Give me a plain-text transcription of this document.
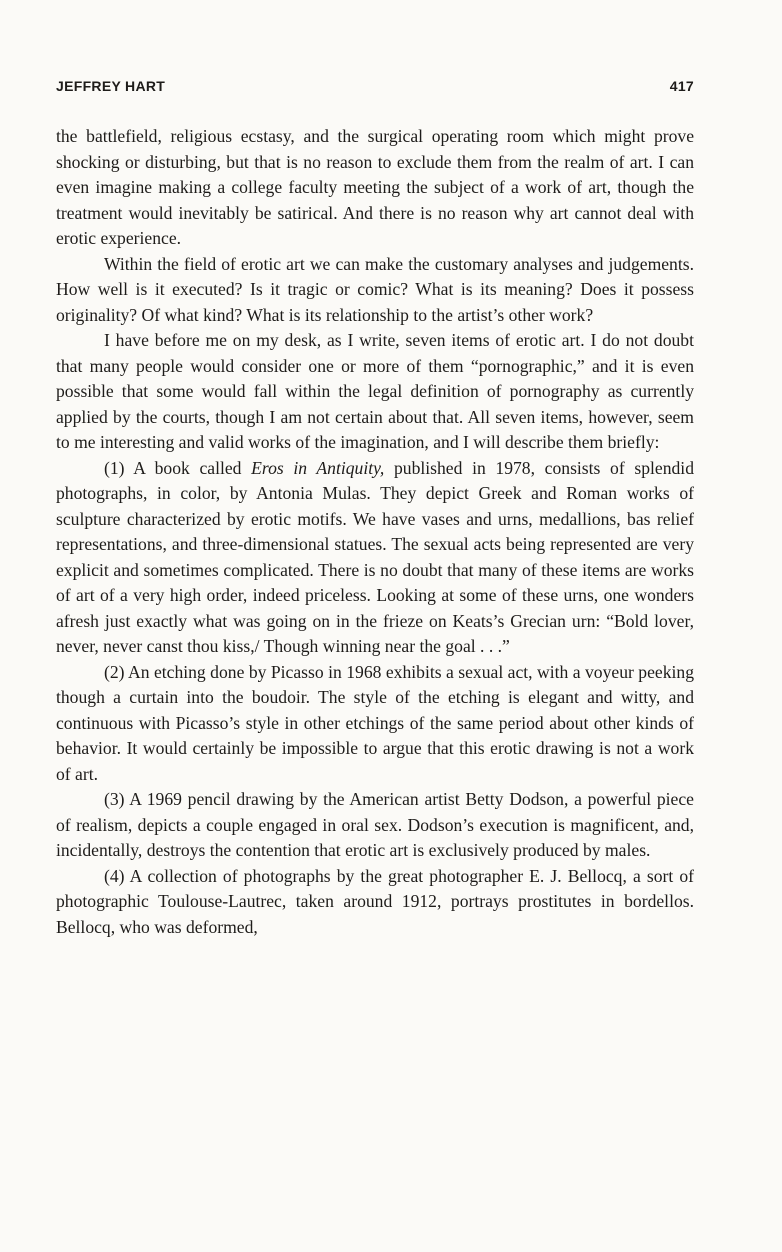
JEFFREY HART	417

the battlefield, religious ecstasy, and the surgical operating room which might prove shocking or disturbing, but that is no reason to exclude them from the realm of art. I can even imagine making a college faculty meeting the subject of a work of art, though the treatment would inevitably be satirical. And there is no reason why art cannot deal with erotic experience.

Within the field of erotic art we can make the customary analyses and judgements. How well is it executed? Is it tragic or comic? What is its meaning? Does it possess originality? Of what kind? What is its relationship to the artist’s other work?

I have before me on my desk, as I write, seven items of erotic art. I do not doubt that many people would consider one or more of them “pornographic,” and it is even possible that some would fall within the legal definition of pornography as currently applied by the courts, though I am not certain about that. All seven items, however, seem to me interesting and valid works of the imagination, and I will describe them briefly:

(1) A book called Eros in Antiquity, published in 1978, consists of splendid photographs, in color, by Antonia Mulas. They depict Greek and Roman works of sculpture characterized by erotic motifs. We have vases and urns, medallions, bas relief representations, and three-dimensional statues. The sexual acts being represented are very explicit and sometimes complicated. There is no doubt that many of these items are works of art of a very high order, indeed priceless. Looking at some of these urns, one wonders afresh just exactly what was going on in the frieze on Keats’s Grecian urn: “Bold lover, never, never canst thou kiss,/ Though winning near the goal . . .”

(2) An etching done by Picasso in 1968 exhibits a sexual act, with a voyeur peeking though a curtain into the boudoir. The style of the etching is elegant and witty, and continuous with Picasso’s style in other etchings of the same period about other kinds of behavior. It would certainly be impossible to argue that this erotic drawing is not a work of art.

(3) A 1969 pencil drawing by the American artist Betty Dodson, a powerful piece of realism, depicts a couple engaged in oral sex. Dodson’s execution is magnificent, and, incidentally, destroys the contention that erotic art is exclusively produced by males.

(4) A collection of photographs by the great photographer E. J. Bellocq, a sort of photographic Toulouse-Lautrec, taken around 1912, portrays prostitutes in bordellos. Bellocq, who was deformed,
